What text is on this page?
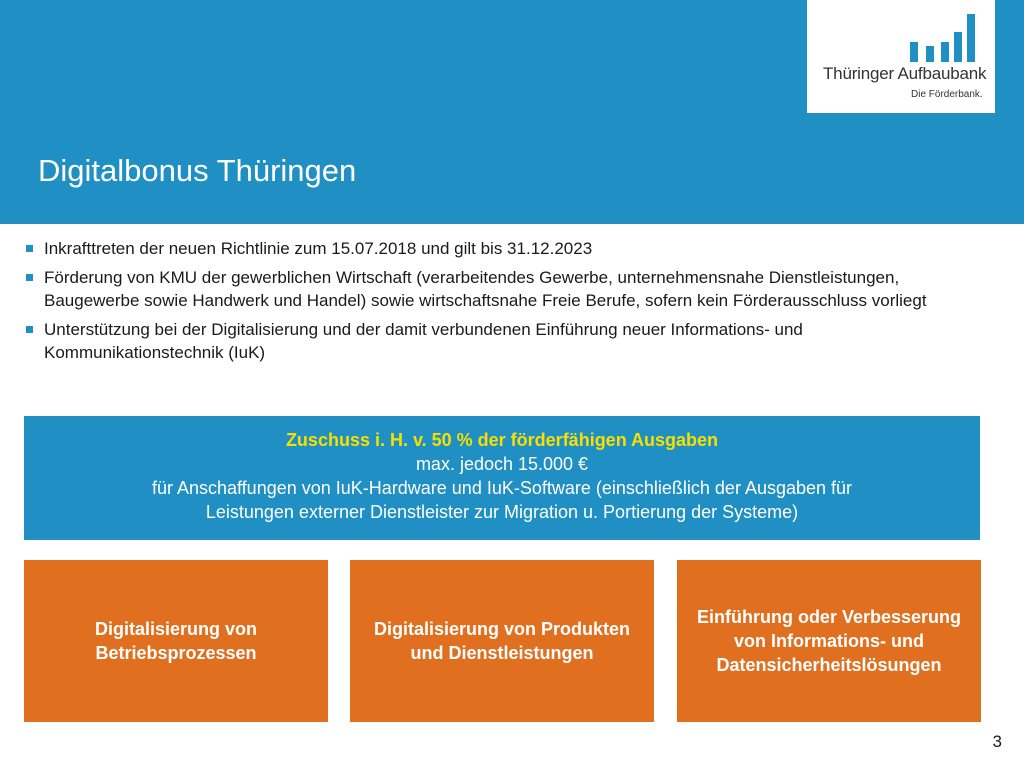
Thüringer Aufbaubank
Die Förderbank.
Digitalbonus Thüringen
Inkrafttreten der neuen Richtlinie zum 15.07.2018 und gilt bis 31.12.2023
Förderung von KMU der gewerblichen Wirtschaft (verarbeitendes Gewerbe, unternehmensnahe Dienstleistungen, Baugewerbe sowie Handwerk und Handel) sowie wirtschaftsnahe Freie Berufe, sofern kein Förderausschluss vorliegt
Unterstützung bei der Digitalisierung und der damit verbundenen Einführung neuer Informations- und Kommunikationstechnik (IuK)
Zuschuss i. H. v. 50 % der förderfähigen Ausgaben
max. jedoch 15.000 €
für Anschaffungen von IuK-Hardware und IuK-Software (einschließlich der Ausgaben für
Leistungen externer Dienstleister zur Migration u. Portierung der Systeme)
Digitalisierung von Betriebsprozessen
Digitalisierung von Produkten und Dienstleistungen
Einführung oder Verbesserung von Informations- und Datensicherheitslösungen
3
